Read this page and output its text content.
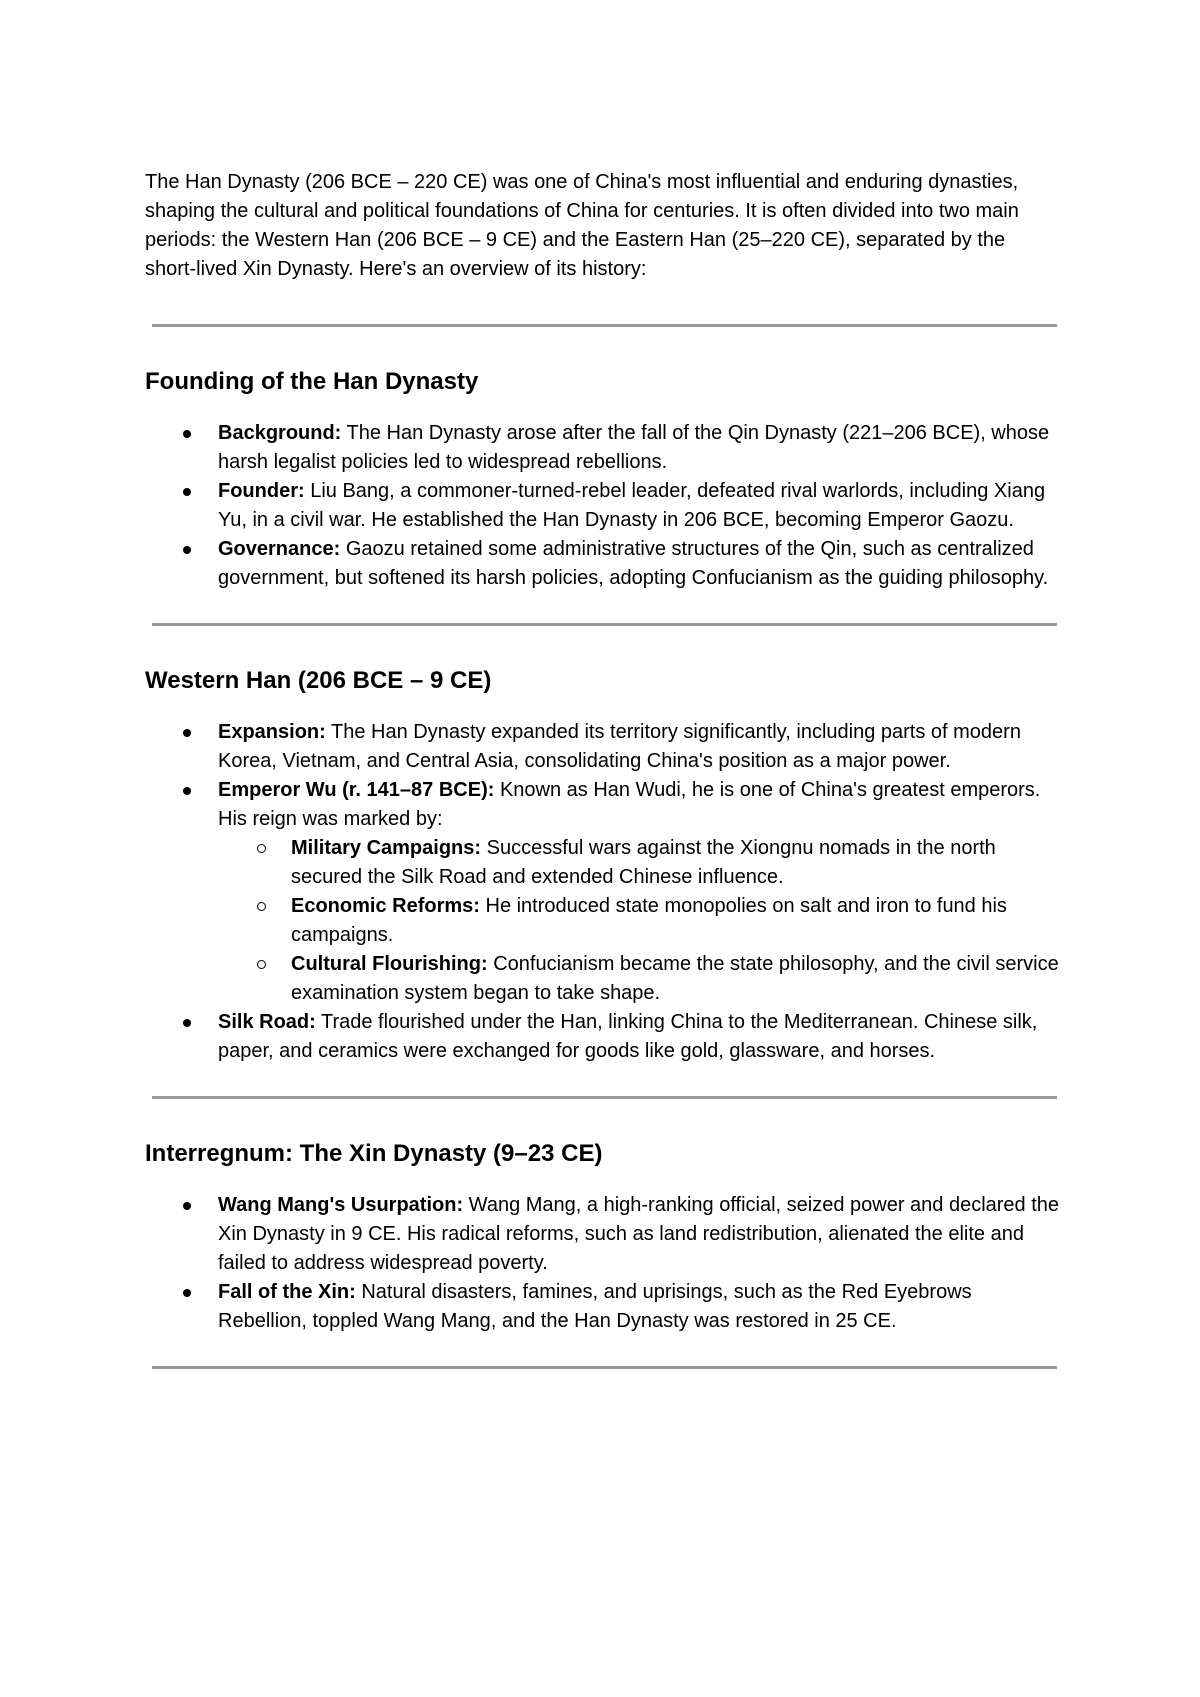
The Han Dynasty (206 BCE – 220 CE) was one of China's most influential and enduring dynasties, shaping the cultural and political foundations of China for centuries. It is often divided into two main periods: the Western Han (206 BCE – 9 CE) and the Eastern Han (25–220 CE), separated by the short-lived Xin Dynasty. Here's an overview of its history:

Founding of the Han Dynasty
Background: The Han Dynasty arose after the fall of the Qin Dynasty (221–206 BCE), whose harsh legalist policies led to widespread rebellions.
Founder: Liu Bang, a commoner-turned-rebel leader, defeated rival warlords, including Xiang Yu, in a civil war. He established the Han Dynasty in 206 BCE, becoming Emperor Gaozu.
Governance: Gaozu retained some administrative structures of the Qin, such as centralized government, but softened its harsh policies, adopting Confucianism as the guiding philosophy.
Western Han (206 BCE – 9 CE)
Expansion: The Han Dynasty expanded its territory significantly, including parts of modern Korea, Vietnam, and Central Asia, consolidating China's position as a major power.
Emperor Wu (r. 141–87 BCE): Known as Han Wudi, he is one of China's greatest emperors. His reign was marked by:
Military Campaigns: Successful wars against the Xiongnu nomads in the north secured the Silk Road and extended Chinese influence.
Economic Reforms: He introduced state monopolies on salt and iron to fund his campaigns.
Cultural Flourishing: Confucianism became the state philosophy, and the civil service examination system began to take shape.
Silk Road: Trade flourished under the Han, linking China to the Mediterranean. Chinese silk, paper, and ceramics were exchanged for goods like gold, glassware, and horses.
Interregnum: The Xin Dynasty (9–23 CE)
Wang Mang's Usurpation: Wang Mang, a high-ranking official, seized power and declared the Xin Dynasty in 9 CE. His radical reforms, such as land redistribution, alienated the elite and failed to address widespread poverty.
Fall of the Xin: Natural disasters, famines, and uprisings, such as the Red Eyebrows Rebellion, toppled Wang Mang, and the Han Dynasty was restored in 25 CE.
